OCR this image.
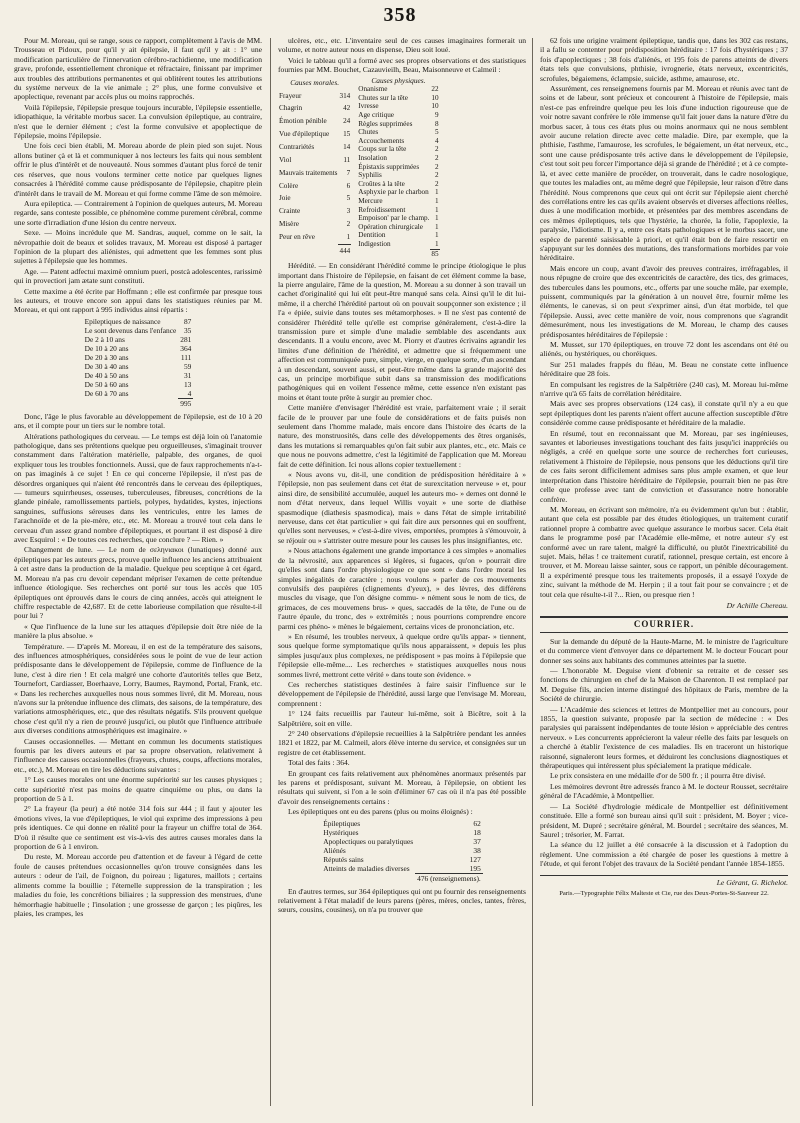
358

Pour M. Moreau, qui se range, sous ce rapport, complètement à l'avis de MM. Trousseau et Pidoux, pour qu'il y ait épilepsie, il faut qu'il y ait : 1° une modification particulière de l'innervation cérébro-rachidienne, une modification grave, profonde, essentiellement chronique et réfractaire, finissant par imprimer aux troubles des attributions permanentes et qui oblitèrent toutes les attributions du système nerveux de la vie animale ; 2° plus, une forme convulsive et apoplectique, revenant par accès plus ou moins rapprochés.

Voilà l'épilepsie, l'épilepsie presque toujours incurable, l'épilepsie essentielle, idiopathique, la véritable morbus sacer. La convulsion épileptique, au contraire, n'est que le dernier élément ; c'est la forme convulsive et apoplectique de l'épilepsie, moins l'épilepsie.

Une fois ceci bien établi, M. Moreau aborde de plein pied son sujet. Nous allons butiner çà et là et communiquer à nos lecteurs les faits qui nous semblent offrir le plus d'intérêt et de nouveauté. Nous sommes d'autant plus forcé de tenir ces réserves, que nous voulons terminer cette notice par quelques lignes consacrées à l'hérédité comme cause prédisposante de l'épilepsie, chapitre plein d'intérêt dans le travail de M. Moreau et qui forme comme l'âme de son mémoire.

Aura epileptica. — Contrairement à l'opinion de quelques auteurs, M. Moreau regarde, sans conteste possible, ce phénomène comme purement cérébral, comme une sorte d'irradiation d'une lésion du centre nerveux.

Sexe. — Moins incrédule que M. Sandras, auquel, comme on le sait, la névropathie doit de beaux et solides travaux, M. Moreau est disposé à partager l'opinion de la plupart des aliénistes, qui admettent que les femmes sont plus sujettes à l'épilepsie que les hommes.

Age. — Patent adfectui maximè omnium pueri, postcà adolescentes, rarissimè qui in provectiori jam ætate sunt constituti.

Cette maxime a été écrite par Hoffmann ; elle est confirmée par presque tous les auteurs, et trouve encore son appui dans les statistiques réunies par M. Moreau, et qui ont rapport à 995 individus ainsi répartis :

Epileptiques de naissance	87
Le sont devenus dans l'enfance	35
De 2 à 10 ans	281
De 10 à 20 ans	364
De 20 à 30 ans	111
De 30 à 40 ans	59
De 40 à 50 ans	31
De 50 à 60 ans	13
De 60 à 70 ans	4
	995

Donc, l'âge le plus favorable au développement de l'épilepsie, est de 10 à 20 ans, et il compte pour un tiers sur le nombre total.

Altérations pathologiques du cerveau. — Le temps est déjà loin où l'anatomie pathologique, dans ses prétentions quelque peu orgueilleuses, s'imaginait trouver constamment dans l'altération matérielle, palpable, des organes, de quoi expliquer tous les troubles fonctionnels. Aussi, que de faux rapprochements n'a-t-on pas imaginés à ce sujet ! En ce qui concerne l'épilepsie, il n'est pas de désordres organiques qui n'aient été rencontrés dans le cerveau des épileptiques, — tumeurs squirrheuses, osseuses, tuberculeuses, fibreuses, concrétions de la glande pinéale, ramollissements partiels, polypes, hydatides, kystes, injections sanguines, suffusions séreuses dans les ventricules, entre les lames de l'arachnoïde et de la pie-mère, etc., etc. M. Moreau a trouvé tout cela dans le cerveau d'un assez grand nombre d'épileptiques, et pourtant il est disposé à dire avec Esquirol : « De toutes ces recherches, que conclure ? — Rien. »

Changement de lune. — Le nom de σεληνιακοι (lunatiques) donné aux épileptiques par les auteurs grecs, prouve quelle influence les anciens attribuaient à cet astre dans la production de la maladie. Quelque peu sceptique à cet égard, M. Moreau n'a pas cru devoir cependant mépriser l'examen de cette prétendue influence étiologique. Ses recherches ont porté sur tous les accès que 105 épileptiques ont éprouvés dans le cours de cinq années, accès qui atteignent le chiffre respectable de 42,687. Et de cette laborieuse compilation que résulte-t-il pour lui ?

« Que l'influence de la lune sur les attaques d'épilepsie doit être niée de la manière la plus absolue. »

Température. — D'après M. Moreau, il en est de la température des saisons, des influences atmosphériques, considérées sous le point de vue de leur action prédisposante dans le développement de l'épilepsie, comme de l'influence de la lune, c'est à dire rien ! Et cela malgré une cohorte d'autorités telles que Betz, Tournefort, Cardiasser, Boerhaave, Lorry, Baumes, Raymond, Portal, Frank, etc. « Dans les recherches auxquelles nous nous sommes livré, dit M. Moreau, nous n'avons sur la prétendue influence des climats, des saisons, de la température, des variations atmosphériques, etc., que des résultats négatifs. S'ils prouvent quelque chose c'est qu'il n'y a rien de prouvé jusqu'ici, ou plutôt que l'influence attribuée aux diverses conditions atmosphériques est imaginaire. »

Causes occasionnelles. — Mettant en commun les documents statistiques fournis par les divers auteurs et par sa propre observation, relativement à l'influence des causes occasionnelles (frayeurs, chutes, coups, affections morales, etc., etc.), M. Moreau en tire les déductions suivantes :

1° Les causes morales ont une énorme supériorité sur les causes physiques ; cette supériorité n'est pas moins de quatre cinquième ou plus, ou dans la proportion de 5 à 1.

2° La frayeur (la peur) a été notée 314 fois sur 444 ; il faut y ajouter les émotions vives, la vue d'épileptiques, le viol qui exprime des impressions à peu près identiques. Ce qui donne en réalité pour la frayeur un chiffre total de 364. D'où il résulte que ce sentiment est vis-à-vis des autres causes morales dans la proportion de 6 à 1 environ.

Du reste, M. Moreau accorde peu d'attention et de faveur à l'égard de cette foule de causes prétendues occasionnelles qu'on trouve consignées dans les auteurs : odeur de l'ail, de l'oignon, du poireau ; ligatures, maillots ; certains aliments comme la bouillie ; l'éternelle suppression de la transpiration ; les maladies du foie, les concrétions biliaires ; la suppression des menstrues, d'une hémorrhagie habituelle ; l'insolation ; une grossesse de garçon ; les piqûres, les plaies, les crampes, les

ulcères, etc., etc. L'inventaire seul de ces causes imaginaires formerait un volume, et notre auteur nous en dispense, Dieu soit loué.

Voici le tableau qu'il a formé avec ses propres observations et des statistiques fournies par MM. Bouchet, Cazauvieilh, Beau, Maisonneuve et Calmeil :

Causes morales.	
Frayeur	314
Chagrin	42
Émotion pénible	24
Vue d'épileptique	15
Contrariétés	14
Viol	11
Mauvais traitements	7
Colère	6
Joie	5
Crainte	3
Misère	2
Peur en rêve	1
	444
Causes physiques.	
Onanisme	22
Chutes sur la tête	10
Ivresse	10
Age critique	9
Règles supprimées	8
Chutes	5
Accouchements	4
Coups sur la tête	2
Insolation	2
Épistaxis supprimées	2
Syphilis	2
Croûtes à la tête	2
Asphyxie par le charbon	1
Mercure	1
Refroidissement	1
Empoison' par le champ.	1
Opération chirurgicale	1
Dentition	1
Indigestion	1
	85

Hérédité. — En considérant l'hérédité comme le principe étiologique le plus important dans l'histoire de l'épilepsie, en faisant de cet élément comme la base, la pierre angulaire, l'âme de la question, M. Moreau a su donner à son travail un cachet d'originalité qui lui eût peut-être manqué sans cela. Ainsi qu'il le dit lui-même, il a cherché l'hérédité partout où on pouvait soupçonner son existence ; il l'a « épiée, suivie dans toutes ses métamorphoses. » Il ne s'est pas contenté de considérer l'hérédité telle qu'elle est comprise généralement, c'est-à-dire la transmission pure et simple d'une maladie semblable des ascendants aux descendants. Il a voulu encore, avec M. Piorry et d'autres écrivains agrandir les limites d'une définition de l'hérédité, et admettre que si fréquemment une affection est communiquée pure, simple, vierge, en quelque sorte, d'un ascendant à un descendant, souvent aussi, et peut-être même dans la grande majorité des cas, un principe morbifique subit dans sa transmission des modifications pathogéniques qui en voilent l'essence même, cette essence n'en existant pas moins et étant toute prête à surgir au premier choc.

Cette manière d'envisager l'hérédité est vraie, parfaitement vraie ; il serait facile de le prouver par une foule de considérations et de faits puisés non seulement dans l'homme malade, mais encore dans l'histoire des écarts de la nature, des monstruosités, dans celle des développements des êtres organisés, dans les mutations si remarquables qu'on fait subir aux plantes, etc., etc. Mais ce que nous ne pouvons admettre, c'est la légitimité de l'application que M. Moreau fait de cette définition. Ici nous allons copier textuellement :

« Nous avons vu, dit-il, une condition de prédisposition héréditaire à » l'épilepsie, non pas seulement dans cet état de surexcitation nerveuse » et, pour ainsi dire, de sensibilité accumulée, auquel les auteurs mo- » dernes ont donné le nom d'état nerveux, dans lequel Willis voyait » une sorte de diathèse spasmodique (diathesis spasmodica), mais » dans l'état de simple irritabilité nerveuse, dans cet état particulier » qui fait dire aux personnes qui en souffrent, qu'elles sont nerveuses, » c'est-à-dire vives, emportées, promptes à s'émouvoir, à se réjouir ou » s'attrister outre mesure pour les causes les plus insignifiantes, etc.

» Nous attachons également une grande importance à ces simples » anomalies de la névrosité, aux apparences si légères, si fugaces, qu'on » pourrait dire qu'elles sont dans l'ordre physiologique ce que sont » dans l'ordre moral les simples inégalités de caractère ; nous voulons » parler de ces mouvements convulsifs des paupières (clignements d'yeux), » des lèvres, des différens muscles du visage, que l'on désigne commu- » nément sous le nom de tics, de grimaces, de ces mouvemens brus- » ques, saccadés de la tête, de l'une ou de l'autre épaule, du tronc, des » extrémités ; nous pourrions comprendre encore parmi ces phéno- » mènes le bégaiement, certains vices de prononciation, etc.

» En résumé, les troubles nerveux, à quelque ordre qu'ils appar- » tiennent, sous quelque forme symptomatique qu'ils nous apparaissent, » depuis les plus simples jusqu'aux plus complexes, ne prédisposent » pas moins à l'épilepsie que l'épilepsie elle-même.... Les recherches » statistiques auxquelles nous nous sommes livré, mettront cette vérité » dans toute son évidence. »

Ces recherches statistiques destinées à faire saisir l'influence sur le développement de l'épilepsie de l'hérédité, aussi large que l'envisage M. Moreau, comprennent :

1° 124 faits recueillis par l'auteur lui-même, soit à Bicêtre, soit à la Salpêtrière, soit en ville.

2° 240 observations d'épilepsie recueillies à la Salpêtrière pendant les années 1821 et 1822, par M. Calmeil, alors élève interne du service, et consignées sur un registre de cet établissement.

Total des faits : 364.

En groupant ces faits relativement aux phénomènes anormaux présentés par les parens et prédisposant, suivant M. Moreau, à l'épilepsie, on obtient les résultats qui suivent, si l'on a le soin d'éliminer 67 cas où il n'a pas été possible d'avoir des renseignements certains :

Les épileptiques ont eu des parens (plus ou moins éloignés) :

Épileptiques	62
Hystériques	18
Apoplectiques ou paralytiques	37
Aliénés	38
Réputés sains	127
Atteints de maladies diverses	195
	476 (renseignemens).

En d'autres termes, sur 364 épileptiques qui ont pu fournir des renseignements relativement à l'état maladif de leurs parens (pères, mères, oncles, tantes, frères, sœurs, cousins, cousines), on n'a pu trouver que

62 fois une origine vraiment épileptique, tandis que, dans les 302 cas restans, il a fallu se contenter pour prédisposition héréditaire : 17 fois d'hystériques ; 37 fois d'apoplectiques ; 38 fois d'aliénés, et 195 fois de parens atteints de divers états tels que convulsions, phthisie, ivrognerie, états nerveux, excentricités, scrofules, bégaiemens, éclampsie, suicide, asthme, amaurose, etc.

Assurément, ces renseignemens fournis par M. Moreau et réunis avec tant de soins et de labeur, sont précieux et concourent à l'histoire de l'épilepsie, mais n'est-ce pas enfreindre quelque peu les lois d'une induction rigoureuse que de voir notre savant confrère le rôle immense qu'il fait jouer dans la nature d'être du morbus sacer, à tous ces états plus ou moins anormaux qui ne nous semblent avoir aucune relation directe avec cette maladie. Dire, par exemple, que la phthisie, l'asthme, l'amaurose, les scrofules, le bégaiement, un état nerveux, etc., sont une cause prédisposante très active dans le développement de l'épilepsie, c'est tout soit peu forcer l'importance déjà si grande de l'hérédité ; et à ce compte-là, et avec cette manière de procéder, on trouverait, dans le cadre nosologique, que toutes les maladies ont, au même degré que l'épilepsie, leur raison d'être dans l'hérédité. Nous comprenons que ceux qui ont écrit sur l'épilepsie aient cherché des corrélations entre les cas qu'ils avaient observés et diverses affections réelles, dues à une modification morbide, et présentées par des membres ascendans de ces mêmes épileptiques, tels que l'hystérie, la chorée, la folie, l'apoplexie, la paralysie, l'idiotisme. Il y a, entre ces états pathologiques et le morbus sacer, une espèce de parenté saisissable à priori, et qu'il était bon de faire ressortir en s'appuyant sur les données des mutations, des transformations morbides par voie héréditaire.

Mais encore un coup, avant d'avoir des preuves contraires, irréfragables, il nous répugne de croire que des excentricités de caractère, des tics, des grimaces, des tubercules dans les poumons, etc., offerts par une souche mâle, par exemple, puissent, communiqués par la génération à un nouvel être, fournir même les éléments, le canevas, si on peut s'exprimer ainsi, d'un état morbide, tel que l'épilepsie. Aussi, avec cette manière de voir, nous comprenons que s'agrandit démesurément, nous les investigations de M. Moreau, le champ des causes prédisposantes héréditaires de l'épilepsie :

M. Musset, sur 170 épileptiques, en trouve 72 dont les ascendans ont été ou aliénés, ou hystériques, ou choréiques.

Sur 251 malades frappés du fléau, M. Beau ne constate cette influence héréditaire que 28 fois.

En compulsant les registres de la Salpêtrière (240 cas), M. Moreau lui-même n'arrive qu'à 65 faits de corrélation héréditaire.

Mais avec ses propres observations (124 cas), il constate qu'il n'y a eu que sept épileptiques dont les parents n'aient offert aucune affection susceptible d'être considérée comme cause prédisposante et héréditaire de la maladie.

En résumé, tout en reconnaissant que M. Moreau, par ses ingénieuses, savantes et laborieuses investigations touchant des faits jusqu'ici inappréciés ou négligés, a créé en quelque sorte une source de recherches fort curieuses, relativement à l'histoire de l'épilepsie, nous pensons que les déductions qu'il tire de ces faits seront difficilement admises sans plus ample examen, et que leur interprétation dans l'histoire héréditaire de l'épilepsie, pourrait bien ne pas être celle que professe avec tant de conviction et d'assurance notre honorable confrère.

M. Moreau, en écrivant son mémoire, n'a eu évidemment qu'un but : établir, autant que cela est possible par des études étiologiques, un traitement curatif rationnel propre à combattre avec quelque assurance le morbus sacer. Cela était dans le programme posé par l'Académie elle-même, et notre auteur s'y est conformé avec un rare talent, malgré la difficulté, ou plutôt l'inextricabilité du sujet. Mais, hélas ! ce traitement curatif, rationnel, presque certain, est encore à trouver, et M. Moreau laisse sainter, sous ce rapport, un pénible découragement. Il a expérimenté presque tous les traitements proposés, il a essayé l'oxyde de zinc, suivant la méthode de M. Herpin ; il a tout fait pour se convaincre ; et de tout cela que résulte-t-il ?... Rien, ou presque rien !

Dr Achille Chereau.
COURRIER.

Sur la demande du député de la Haute-Marne, M. le ministre de l'agriculture et du commerce vient d'envoyer dans ce département M. le docteur Foucart pour donner ses soins aux habitants des communes atteintes par la suette.

— L'honorable M. Deguise vient d'obtenir sa retraite et de cesser ses fonctions de chirurgien en chef de la Maison de Charenton. Il est remplacé par M. Deguise fils, ancien interne distingué des hôpitaux de Paris, membre de la Société de chirurgie.

— L'Académie des sciences et lettres de Montpellier met au concours, pour 1855, la question suivante, proposée par la section de médecine : « Des paralysies qui paraissent indépendantes de toute lésion » appréciable des centres nerveux. » Les concurrents apprécieront la valeur réelle des faits par lesquels on a cherché à établir l'existence de ces maladies. Ils en traceront un historique raisonné, signaleront leurs formes, et déduiront les conclusions diagnostiques et thérapeutiques qui intéressent plus spécialement la pratique médicale.

Le prix consistera en une médaille d'or de 500 fr. ; il pourra être divisé.

Les mémoires devront être adressés franco à M. le docteur Rousset, secrétaire général de l'Académie, à Montpellier.

— La Société d'hydrologie médicale de Montpellier est définitivement constituée. Elle a formé son bureau ainsi qu'il suit : président, M. Boyer ; vice-président, M. Dupré ; secrétaire général, M. Bourdel ; secrétaire des séances, M. Saurel ; trésorier, M. Farrat.

La séance du 12 juillet a été consacrée à la discussion et à l'adoption du règlement. Une commission a été chargée de poser les questions à mettre à l'étude, et qui feront l'objet des travaux de la Société pendant l'année 1854-1855.

Le Gérant, G. Richelot.
Paris.—Typographie Félix Malteste et Cie, rue des Deux-Portes-St-Sauveur 22.
